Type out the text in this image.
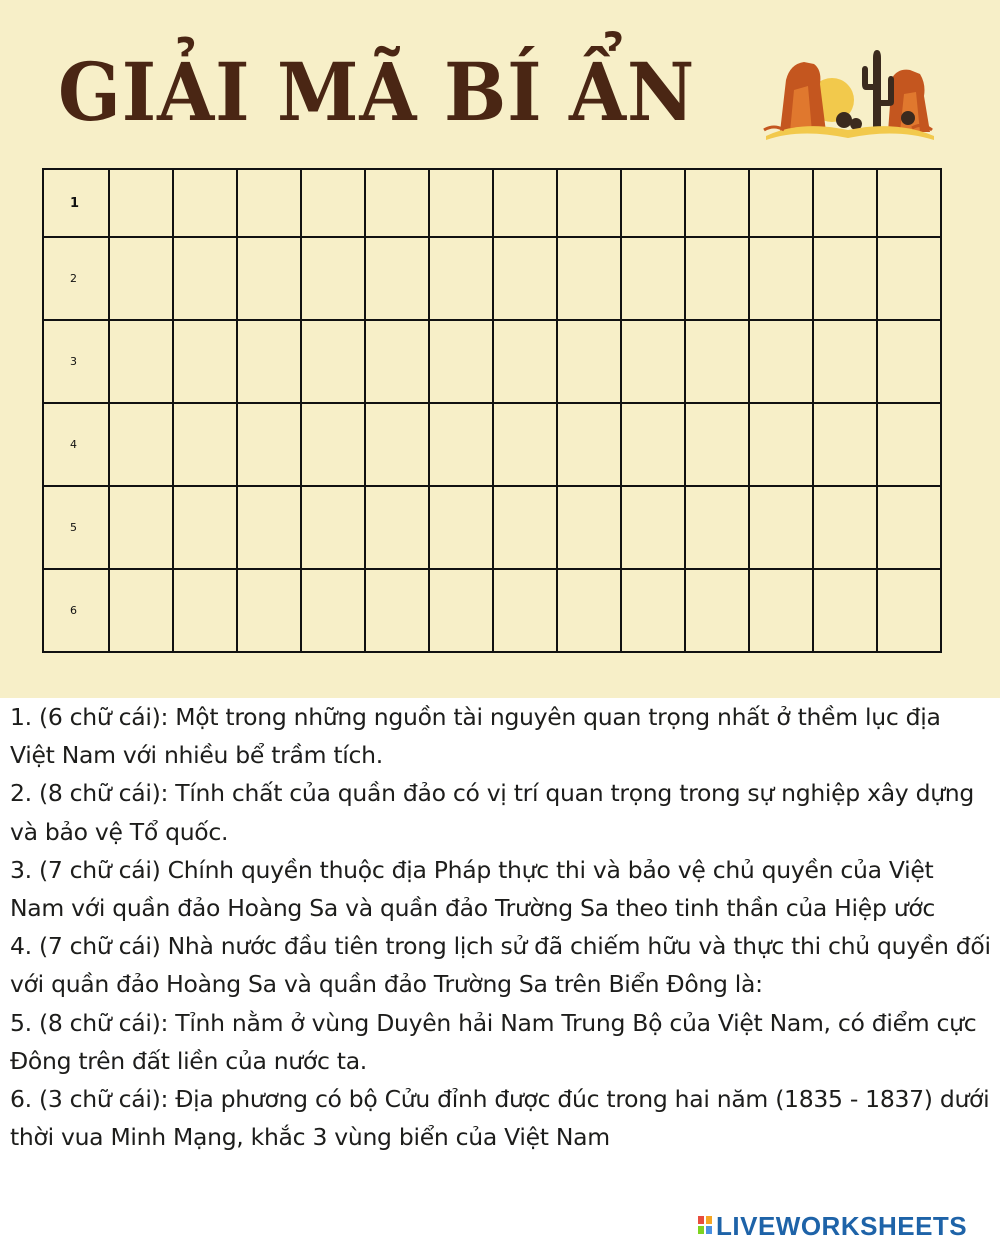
GIẢI MÃ BÍ ẨN
1													
2													
3													
4													
5													
6													

1. (6 chữ cái): Một trong những nguồn tài nguyên quan trọng nhất ở thềm lục địa Việt Nam với nhiều bể trầm tích.

2. (8 chữ cái): Tính chất của quần đảo có vị trí quan trọng trong sự nghiệp xây dựng và bảo vệ Tổ quốc.

3. (7 chữ cái) Chính quyền thuộc địa Pháp thực thi và bảo vệ chủ quyền của Việt Nam với quần đảo Hoàng Sa và quần đảo Trường Sa theo tinh thần của Hiệp ước

4. (7 chữ cái) Nhà nước đầu tiên trong lịch sử đã chiếm hữu và thực thi chủ quyền đối với quần đảo Hoàng Sa và quần đảo Trường Sa trên Biển Đông là:

5. (8 chữ cái): Tỉnh nằm ở vùng Duyên hải Nam Trung Bộ của Việt Nam, có điểm cực Đông trên đất liền của nước ta.

6. (3 chữ cái): Địa phương có bộ Cửu đỉnh được đúc trong hai năm (1835 - 1837) dưới thời vua Minh Mạng, khắc 3 vùng biển của Việt Nam

LIVEWORKSHEETS
